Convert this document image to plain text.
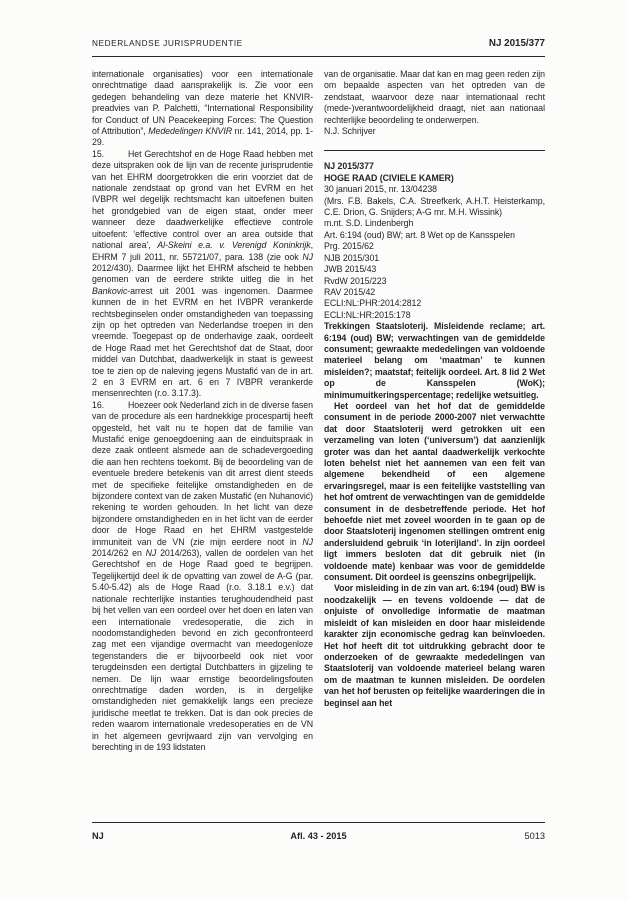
NEDERLANDSE JURISPRUDENTIE	NJ 2015/377

internationale organisaties) voor een internationale onrechtmatige daad aansprakelijk is. Zie voor een gedegen behandeling van deze materie het KNVIR-preadvies van P. Palchetti, “International Responsibility for Conduct of UN Peacekeeping Forces: The Question of Attribution”, Mededelingen KNVIR nr. 141, 2014, pp. 1-29.

15.	Het Gerechtshof en de Hoge Raad hebben met deze uitspraken ook de lijn van de recente jurisprudentie van het EHRM doorgetrokken die erin voorziet dat de nationale zendstaat op grond van het EVRM en het IVBPR wel degelijk rechtsmacht kan uitoefenen buiten het grondgebied van de eigen staat, onder meer wanneer deze daadwerkelijke effectieve controle uitoefent: ‘effective control over an area outside that national area’, Al-Skeini e.a. v. Verenigd Koninkrijk, EHRM 7 juli 2011, nr. 55721/07, para. 138 (zie ook NJ 2012/430). Daarmee lijkt het EHRM afscheid te hebben genomen van de eerdere strikte uitleg die in het Bankovic-arrest uit 2001 was ingenomen. Daarmee kunnen de in het EVRM en het IVBPR verankerde rechtsbeginselen onder omstandigheden van toepassing zijn op het optreden van Nederlandse troepen in den vreemde. Toegepast op de onderhavige zaak, oordeelt de Hoge Raad met het Gerechtshof dat de Staat, door middel van Dutchbat, daadwerkelijk in staat is geweest toe te zien op de naleving jegens Mustafić van de in art. 2 en 3 EVRM en art. 6 en 7 IVBPR verankerde mensenrechten (r.o. 3.17.3).

16.	Hoezeer ook Nederland zich in de diverse fasen van de procedure als een hardnekkige procespartij heeft opgesteld, het valt nu te hopen dat de familie van Mustafić enige genoegdoening aan de einduitspraak in deze zaak ontleent alsmede aan de schadevergoeding die aan hen rechtens toekomt. Bij de beoordeling van de eventuele bredere betekenis van dit arrest dient steeds met de specifieke feitelijke omstandigheden en de bijzondere context van de zaken Mustafić (en Nuhanović) rekening te worden gehouden. In het licht van deze bijzondere omstandigheden en in het licht van de eerder door de Hoge Raad en het EHRM vastgestelde immuniteit van de VN (zie mijn eerdere noot in NJ 2014/262 en NJ 2014/263), vallen de oordelen van het Gerechtshof en de Hoge Raad goed te begrijpen. Tegelijkertijd deel ik de opvatting van zowel de A-G (par. 5.40-5.42) als de Hoge Raad (r.o. 3.18.1 e.v.) dat nationale rechterlijke instanties terughoudendheid past bij het vellen van een oordeel over het doen en laten van een internationale vredesoperatie, die zich in noodomstandigheden bevond en zich geconfronteerd zag met een vijandige overmacht van meedogenloze tegenstanders die er bijvoorbeeld ook niet voor terugdeinsden een dertigtal Dutchbatters in gijzeling te nemen. De lijn waar ernstige beoordelingsfouten onrechtmatige daden worden, is in dergelijke omstandigheden niet gemakkelijk langs een precieze juridische meetlat te trekken. Dat is dan ook precies de reden waarom internationale vredesoperaties en de VN in het algemeen gevrijwaard zijn van vervolging en berechting in de 193 lidstaten

van de organisatie. Maar dat kan en mag geen reden zijn om bepaalde aspecten van het optreden van de zendstaat, waarvoor deze naar internationaal recht (mede-)verantwoordelijkheid draagt, niet aan nationaal rechterlijke beoordeling te onderwerpen.

N.J. Schrijver

NJ 2015/377

HOGE RAAD (CIVIELE KAMER)

30 januari 2015, nr. 13/04238

(Mrs. F.B. Bakels, C.A. Streefkerk, A.H.T. Heisterkamp, C.E. Drion, G. Snijders; A-G mr. M.H. Wissink)

m.nt. S.D. Lindenbergh

Art. 6:194 (oud) BW; art. 8 Wet op de Kansspelen

Prg. 2015/62

NJB 2015/301

JWB 2015/43

RvdW 2015/223

RAV 2015/42

ECLI:NL:PHR:2014:2812

ECLI:NL:HR:2015:178

Trekkingen Staatsloterij. Misleidende reclame; art. 6:194 (oud) BW; verwachtingen van de gemiddelde consument; gewraakte mededelingen van voldoende materieel belang om ‘maatman’ te kunnen misleiden?; maatstaf; feitelijk oordeel. Art. 8 lid 2 Wet op de Kansspelen (WoK); minimumuitkeringspercentage; redelijke wetsuitleg.

Het oordeel van het hof dat de gemiddelde consument in de periode 2000-2007 niet verwachtte dat door Staatsloterij werd getrokken uit een verzameling van loten (‘universum’) dat aanzienlijk groter was dan het aantal daadwerkelijk verkochte loten behelst niet het aannemen van een feit van algemene bekendheid of een algemene ervaringsregel, maar is een feitelijke vaststelling van het hof omtrent de verwachtingen van de gemiddelde consument in de desbetreffende periode. Het hof behoefde niet met zoveel woorden in te gaan op de door Staatsloterij ingenomen stellingen omtrent enig andersluidend gebruik ‘in loterijland’. In zijn oordeel ligt immers besloten dat dit gebruik niet (in voldoende mate) kenbaar was voor de gemiddelde consument. Dit oordeel is geenszins onbegrijpelijk.

Voor misleiding in de zin van art. 6:194 (oud) BW is noodzakelijk — en tevens voldoende — dat de onjuiste of onvolledige informatie de maatman misleidt of kan misleiden en door haar misleidende karakter zijn economische gedrag kan beïnvloeden. Het hof heeft dit tot uitdrukking gebracht door te onderzoeken of de gewraakte mededelingen van Staatsloterij van voldoende materieel belang waren om de maatman te kunnen misleiden. De oordelen van het hof berusten op feitelijke waarderingen die in beginsel aan het

NJ	Afl. 43 - 2015	5013
